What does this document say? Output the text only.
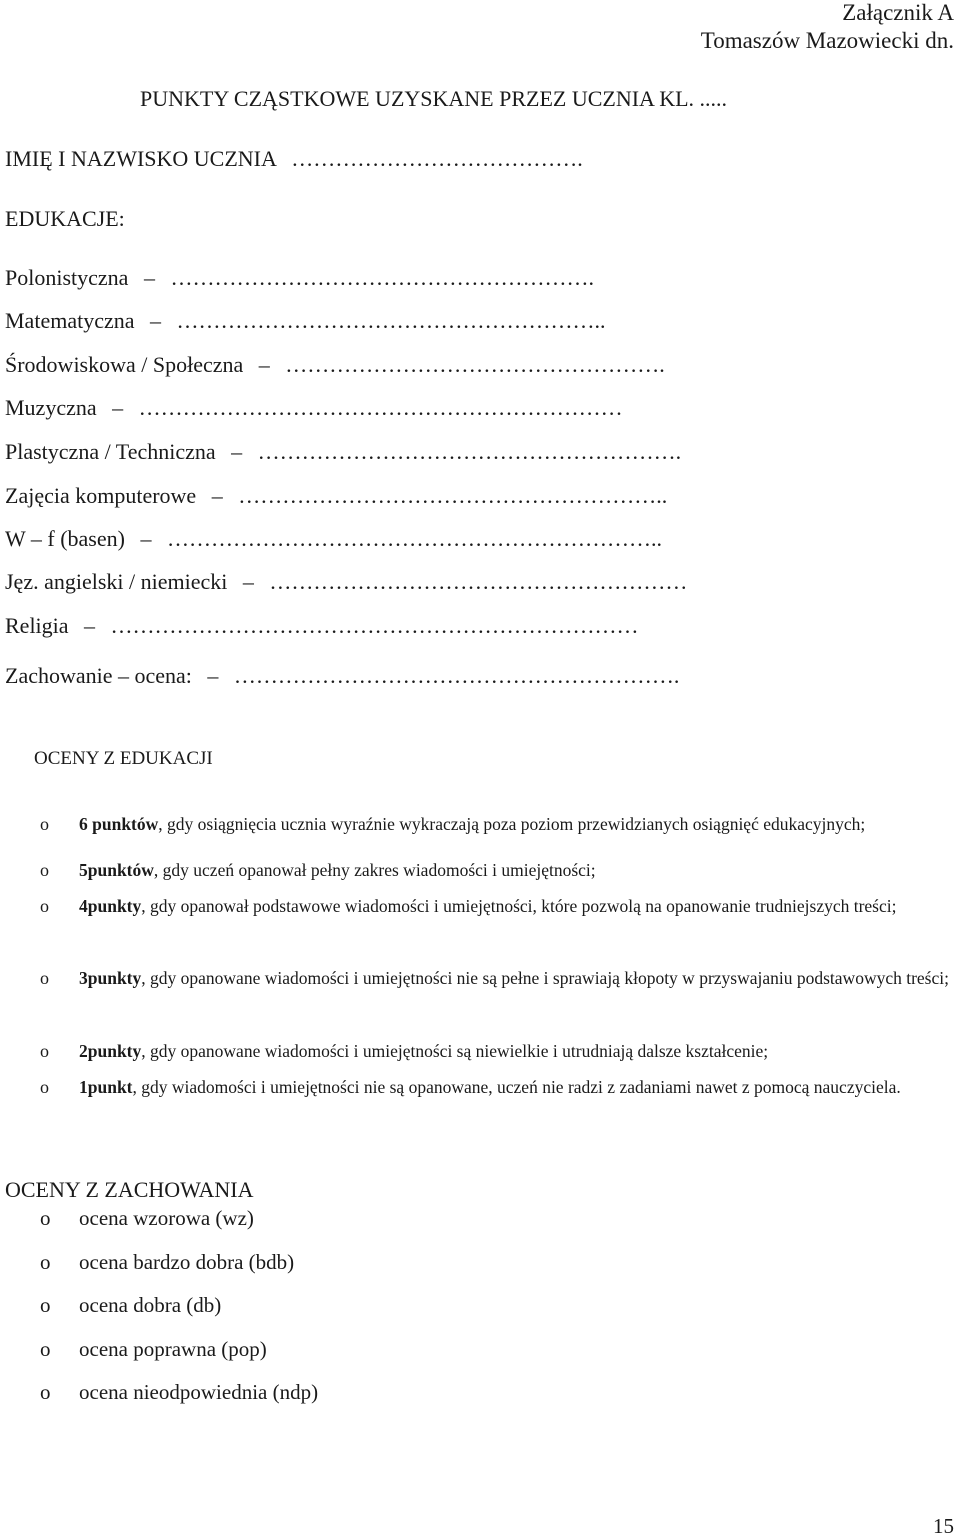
Załącznik A
Tomaszów Mazowiecki dn.
PUNKTY CZĄSTKOWE UZYSKANE PRZEZ UCZNIA KL. .....
IMIĘ I NAZWISKO UCZNIA ………………………………….
EDUKACJE:
Polonistyczna – ………………………………………………….
Matematyczna – …………………………………………………..
Środowiskowa / Społeczna – …………………………………………….
Muzyczna – …………………………………………………………
Plastyczna / Techniczna – ………………………………………………….
Zajęcia komputerowe – …………………………………………………..
W – f (basen) – …………………………………………………………..
Jęz. angielski / niemiecki – …………………………………………………
Religia – ………………………………………………………………
Zachowanie – ocena: – …………………………………………………….
OCENY Z EDUKACJI
o 6 punktów, gdy osiągnięcia ucznia wyraźnie wykraczają poza poziom przewidzianych osiągnięć edukacyjnych;
o 5punktów, gdy uczeń opanował pełny zakres wiadomości i umiejętności;
o 4punkty, gdy opanował podstawowe wiadomości i umiejętności, które pozwolą na opanowanie trudniejszych treści;
o 3punkty, gdy opanowane wiadomości i umiejętności nie są pełne i sprawiają kłopoty w przyswajaniu podstawowych treści;
o 2punkty, gdy opanowane wiadomości i umiejętności są niewielkie i utrudniają dalsze kształcenie;
o 1punkt, gdy wiadomości i umiejętności nie są opanowane, uczeń nie radzi z zadaniami nawet z pomocą nauczyciela.
OCENY Z ZACHOWANIA
o ocena wzorowa (wz)
o ocena bardzo dobra (bdb)
o ocena dobra (db)
o ocena poprawna (pop)
o ocena nieodpowiednia (ndp)
15
